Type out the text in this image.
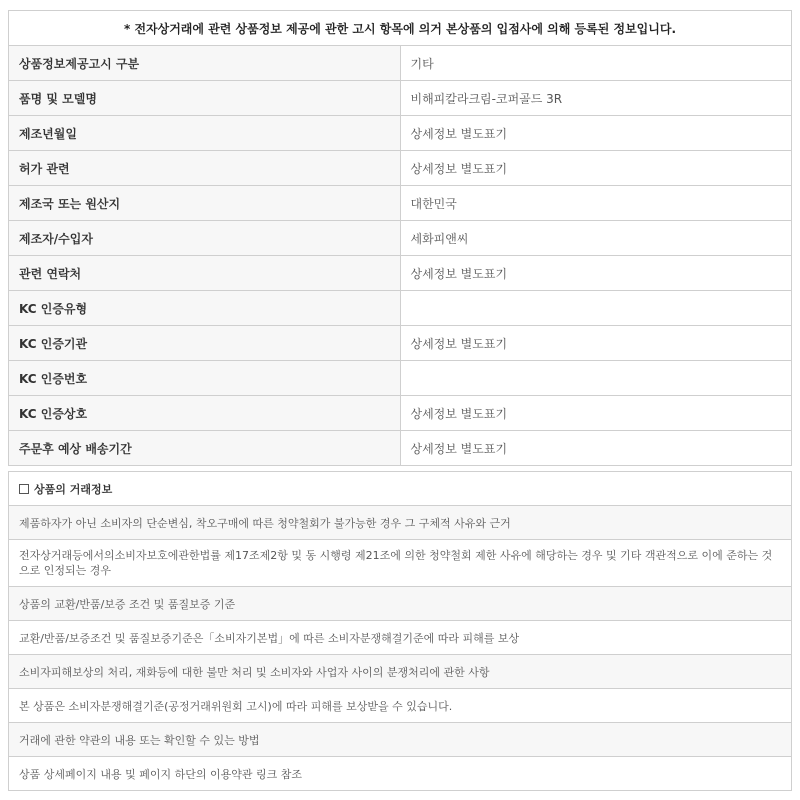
* 전자상거래에 관련 상품정보 제공에 관한 고시 항목에 의거 본상품의 입점사에 의해 등록된 정보입니다.	
상품정보제공고시 구분	기타
품명 및 모델명	비해피칼라크림-코퍼골드 3R
제조년월일	상세정보 별도표기
허가 관련	상세정보 별도표기
제조국 또는 원산지	대한민국
제조자/수입자	세화피앤씨
관련 연락처	상세정보 별도표기
KC 인증유형	
KC 인증기관	상세정보 별도표기
KC 인증번호	
KC 인증상호	상세정보 별도표기
주문후 예상 배송기간	상세정보 별도표기
상품의 거래정보
제품하자가 아닌 소비자의 단순변심, 착오구매에 따른 청약철회가 불가능한 경우 그 구체적 사유와 근거
전자상거래등에서의소비자보호에관한법률 제17조제2항 및 동 시행령 제21조에 의한 청약철회 제한 사유에 해당하는 경우 및 기타 객관적으로 이에 준하는 것으로 인정되는 경우
상품의 교환/반품/보증 조건 및 품질보증 기준
교환/반품/보증조건 및 품질보증기준은「소비자기본법」에 따른 소비자분쟁해결기준에 따라 피해를 보상
소비자피해보상의 처리, 재화등에 대한 불만 처리 및 소비자와 사업자 사이의 분쟁처리에 관한 사항
본 상품은 소비자분쟁해결기준(공정거래위원회 고시)에 따라 피해를 보상받을 수 있습니다.
거래에 관한 약관의 내용 또는 확인할 수 있는 방법
상품 상세페이지 내용 및 페이지 하단의 이용약관 링크 참조
